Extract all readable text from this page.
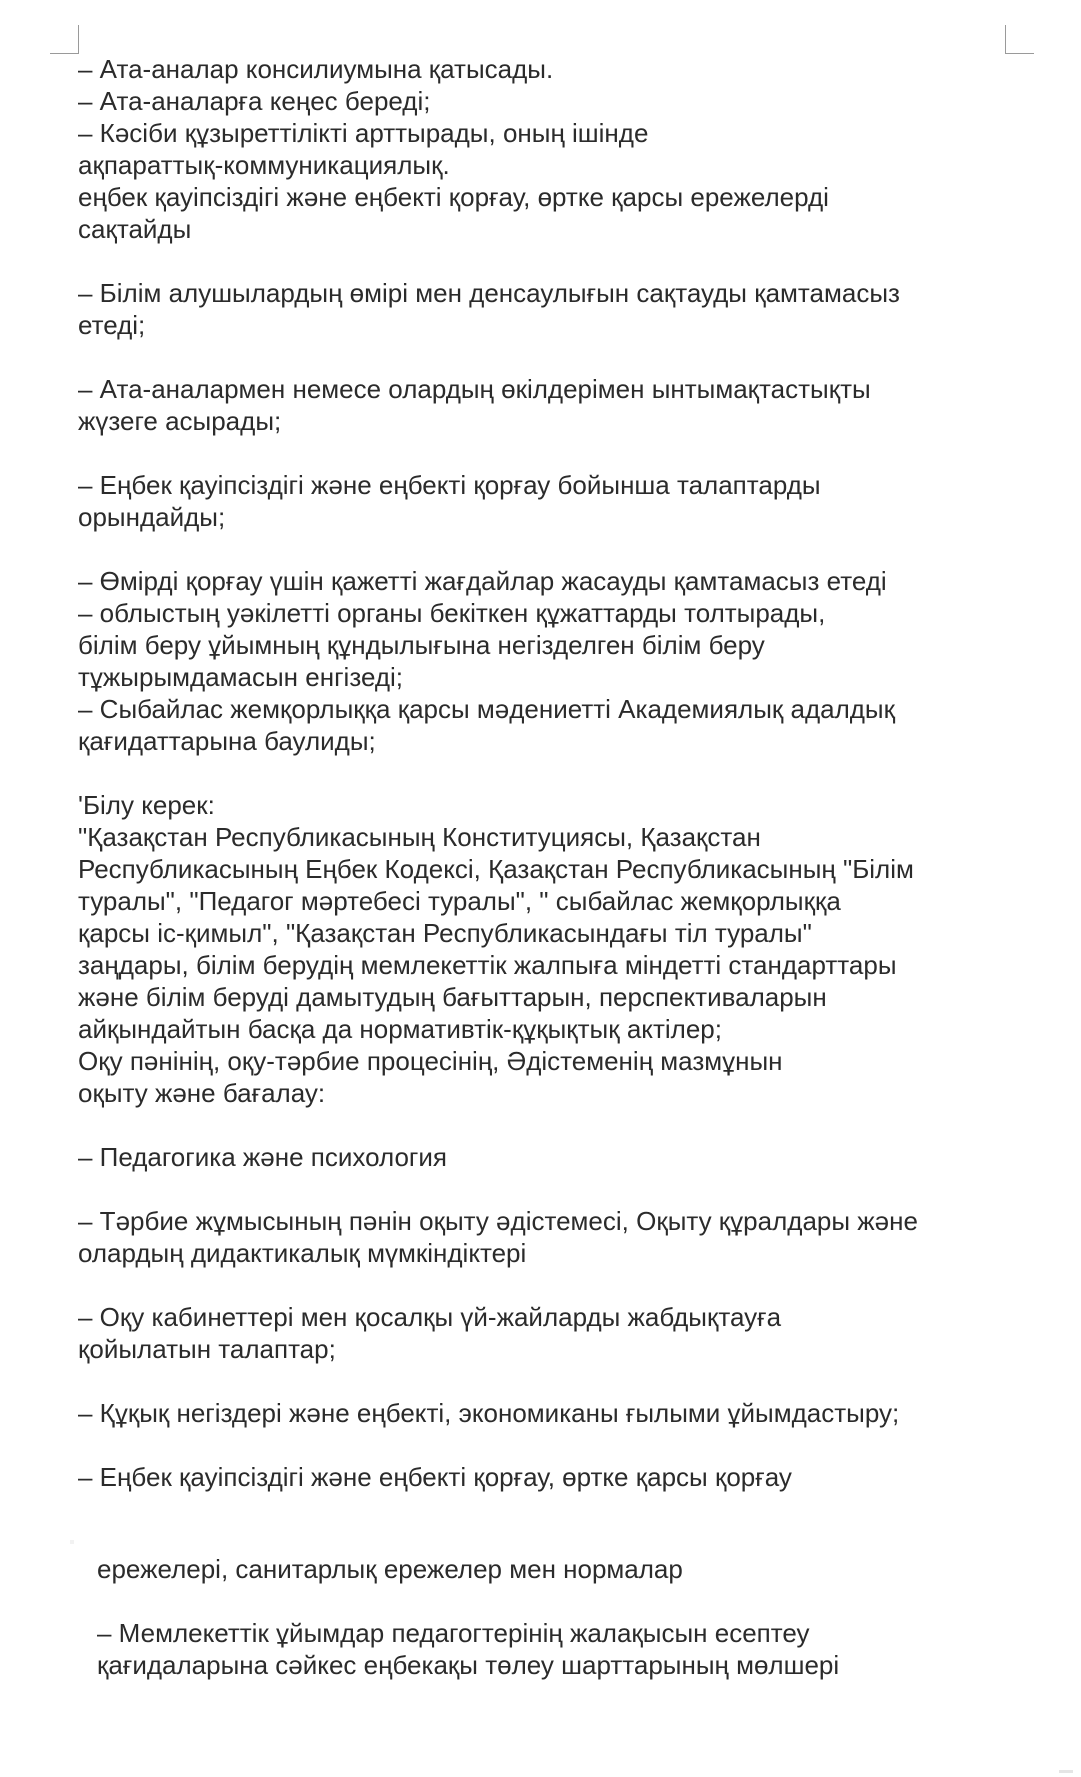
– Ата-аналар консилиумына қатысады.
– Ата-аналарға кеңес береді;
– Кәсіби құзыреттілікті арттырады, оның ішінде
ақпараттық-коммуникациялық.
еңбек қауіпсіздігі және еңбекті қорғау, өртке қарсы ережелерді
сақтайды
– Білім алушылардың өмірі мен денсаулығын сақтауды қамтамасыз
етеді;
– Ата-аналармен немесе олардың өкілдерімен ынтымақтастықты
жүзеге асырады;
– Еңбек қауіпсіздігі және еңбекті қорғау бойынша талаптарды
орындайды;
– Өмірді қорғау үшін қажетті жағдайлар жасауды қамтамасыз етеді
– облыстың уәкілетті органы бекіткен құжаттарды толтырады,
білім беру ұйымның құндылығына негізделген білім беру
тұжырымдамасын енгізеді;
– Сыбайлас жемқорлыққа қарсы мәдениетті Академиялық адалдық
қағидаттарына баулиды;
'Білу керек:
"Қазақстан Республикасының Конституциясы, Қазақстан
Республикасының Еңбек Кодексі, Қазақстан Республикасының "Білім
туралы", "Педагог мәртебесі туралы", " сыбайлас жемқорлыққа
қарсы іс-қимыл", "Қазақстан Республикасындағы тіл туралы"
заңдары, білім берудің мемлекеттік жалпыға міндетті стандарттары
және білім беруді дамытудың бағыттарын, перспективаларын
айқындайтын басқа да нормативтік-құқықтық актілер;
Оқу пәнінің, оқу-тәрбие процесінің, Әдістеменің мазмұнын
оқыту және бағалау:
– Педагогика және психология
– Тәрбие жұмысының пәнін оқыту әдістемесі, Оқыту құралдары және
олардың дидактикалық мүмкіндіктері
– Оқу кабинеттері мен қосалқы үй-жайларды жабдықтауға
қойылатын талаптар;
– Құқық негіздері және еңбекті, экономиканы ғылыми ұйымдастыру;
– Еңбек қауіпсіздігі және еңбекті қорғау, өртке қарсы қорғау
ережелері, санитарлық ережелер мен нормалар
– Мемлекеттік ұйымдар педагогтерінің жалақысын есептеу
қағидаларына сәйкес еңбекақы төлеу шарттарының мөлшері
